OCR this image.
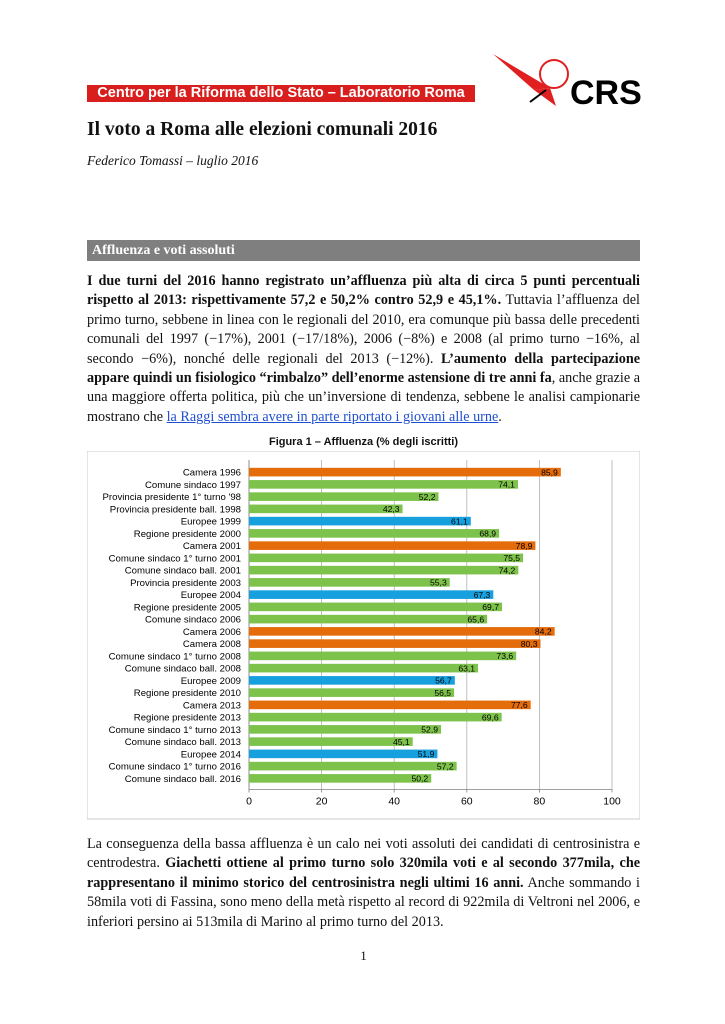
Centro per la Riforma dello Stato – Laboratorio Roma	CRS
Il voto a Roma alle elezioni comunali 2016
Federico Tomassi – luglio 2016
Affluenza e voti assoluti

I due turni del 2016 hanno registrato un’affluenza più alta di circa 5 punti percentuali rispetto al 2013: rispettivamente 57,2 e 50,2% contro 52,9 e 45,1%. Tuttavia l’affluenza del primo turno, sebbene in linea con le regionali del 2010, era comunque più bassa delle precedenti comunali del 1997 (−17%), 2001 (−17/18%), 2006 (−8%) e 2008 (al primo turno −16%, al secondo −6%), nonché delle regionali del 2013 (−12%). L’aumento della partecipazione appare quindi un fisiologico “rimbalzo” dell’enorme astensione di tre anni fa, anche grazie a una maggiore offerta politica, più che un’inversione di tendenza, sebbene le analisi campionarie mostrano che la Raggi sembra avere in parte riportato i giovani alle urne.

Figura 1 – Affluenza (% degli iscritti)
0	20	40	60	80	100
Camera 1996	85,9
Comune sindaco 1997	74,1
Provincia presidente 1° turno '98	52,2
Provincia presidente ball. 1998	42,3
Europee 1999	61,1
Regione presidente 2000	68,9
Camera 2001	78,9
Comune sindaco 1° turno 2001	75,5
Comune sindaco ball. 2001	74,2
Provincia presidente 2003	55,3
Europee 2004	67,3
Regione presidente 2005	69,7
Comune sindaco 2006	65,6
Camera 2006	84,2
Camera 2008	80,3
Comune sindaco 1° turno 2008	73,6
Comune sindaco ball. 2008	63,1
Europee 2009	56,7
Regione presidente 2010	56,5
Camera 2013	77,6
Regione presidente 2013	69,6
Comune sindaco 1° turno 2013	52,9
Comune sindaco ball. 2013	45,1
Europee 2014	51,9
Comune sindaco 1° turno 2016	57,2
Comune sindaco ball. 2016	50,2

La conseguenza della bassa affluenza è un calo nei voti assoluti dei candidati di centrosinistra e centrodestra. Giachetti ottiene al primo turno solo 320mila voti e al secondo 377mila, che rappresentano il minimo storico del centrosinistra negli ultimi 16 anni. Anche sommando i 58mila voti di Fassina, sono meno della metà rispetto al record di 922mila di Veltroni nel 2006, e inferiori persino ai 513mila di Marino al primo turno del 2013.

1
